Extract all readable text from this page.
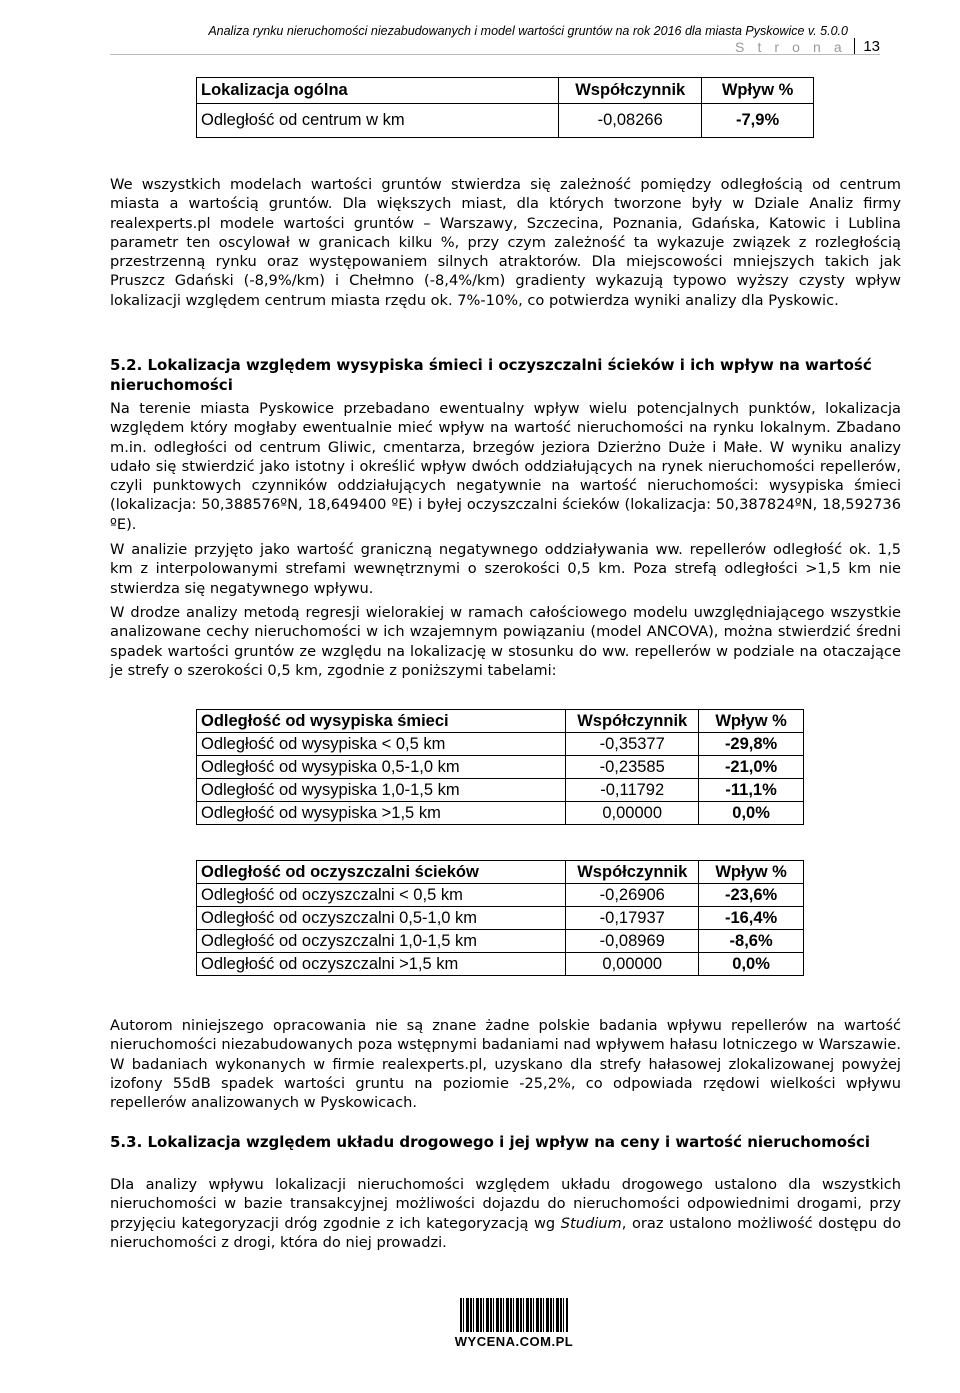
Analiza rynku nieruchomości niezabudowanych i model wartości gruntów na rok 2016 dla miasta Pyskowice v. 5.0.0
S t r o n a	13
Lokalizacja ogólna	Współczynnik	Wpływ %
Odległość od centrum w km	-0,08266	-7,9%
We wszystkich modelach wartości gruntów stwierdza się zależność pomiędzy odległością od centrum miasta a wartością gruntów. Dla większych miast, dla których tworzone były w Dziale Analiz firmy realexperts.pl modele wartości gruntów – Warszawy, Szczecina, Poznania, Gdańska, Katowic i Lublina parametr ten oscylował w granicach kilku %, przy czym zależność ta wykazuje związek z rozległością przestrzenną rynku oraz występowaniem silnych atraktorów. Dla miejscowości mniejszych takich jak Pruszcz Gdański (-8,9%/km) i Chełmno (-8,4%/km) gradienty wykazują typowo wyższy czysty wpływ lokalizacji względem centrum miasta rzędu ok. 7%-10%, co potwierdza wyniki analizy dla Pyskowic.
5.2. Lokalizacja względem wysypiska śmieci i oczyszczalni ścieków i ich wpływ na wartość nieruchomości
Na terenie miasta Pyskowice przebadano ewentualny wpływ wielu potencjalnych punktów, lokalizacja względem który mogłaby ewentualnie mieć wpływ na wartość nieruchomości na rynku lokalnym. Zbadano m.in. odległości od centrum Gliwic, cmentarza, brzegów jeziora Dzierżno Duże i Małe. W wyniku analizy udało się stwierdzić jako istotny i określić wpływ dwóch oddziałujących na rynek nieruchomości repellerów, czyli punktowych czynników oddziałujących negatywnie na wartość nieruchomości: wysypiska śmieci (lokalizacja: 50,388576ºN, 18,649400 ºE) i byłej oczyszczalni ścieków (lokalizacja: 50,387824ºN, 18,592736 ºE).
W analizie przyjęto jako wartość graniczną negatywnego oddziaływania ww. repellerów odległość ok. 1,5 km z interpolowanymi strefami wewnętrznymi o szerokości 0,5 km. Poza strefą odległości >1,5 km nie stwierdza się negatywnego wpływu.
W drodze analizy metodą regresji wielorakiej w ramach całościowego modelu uwzględniającego wszystkie analizowane cechy nieruchomości w ich wzajemnym powiązaniu (model ANCOVA), można stwierdzić średni spadek wartości gruntów ze względu na lokalizację w stosunku do ww. repellerów w podziale na otaczające je strefy o szerokości 0,5 km, zgodnie z poniższymi tabelami:
Odległość od wysypiska śmieci	Współczynnik	Wpływ %
Odległość od wysypiska < 0,5 km	-0,35377	-29,8%
Odległość od wysypiska 0,5-1,0 km	-0,23585	-21,0%
Odległość od wysypiska 1,0-1,5 km	-0,11792	-11,1%
Odległość od wysypiska >1,5 km	0,00000	0,0%
Odległość od oczyszczalni ścieków	Współczynnik	Wpływ %
Odległość od oczyszczalni < 0,5 km	-0,26906	-23,6%
Odległość od oczyszczalni 0,5-1,0 km	-0,17937	-16,4%
Odległość od oczyszczalni 1,0-1,5 km	-0,08969	-8,6%
Odległość od oczyszczalni >1,5 km	0,00000	0,0%
Autorom niniejszego opracowania nie są znane żadne polskie badania wpływu repellerów na wartość nieruchomości niezabudowanych poza wstępnymi badaniami nad wpływem hałasu lotniczego w Warszawie. W badaniach wykonanych w firmie realexperts.pl, uzyskano dla strefy hałasowej zlokalizowanej powyżej izofony 55dB spadek wartości gruntu na poziomie -25,2%, co odpowiada rzędowi wielkości wpływu repellerów analizowanych w Pyskowicach.
5.3. Lokalizacja względem układu drogowego i jej wpływ na ceny i wartość nieruchomości
Dla analizy wpływu lokalizacji nieruchomości względem układu drogowego ustalono dla wszystkich nieruchomości w bazie transakcyjnej możliwości dojazdu do nieruchomości odpowiednimi drogami, przy przyjęciu kategoryzacji dróg zgodnie z ich kategoryzacją wg Studium, oraz ustalono możliwość dostępu do nieruchomości z drogi, która do niej prowadzi.
WYCENA.COM.PL
